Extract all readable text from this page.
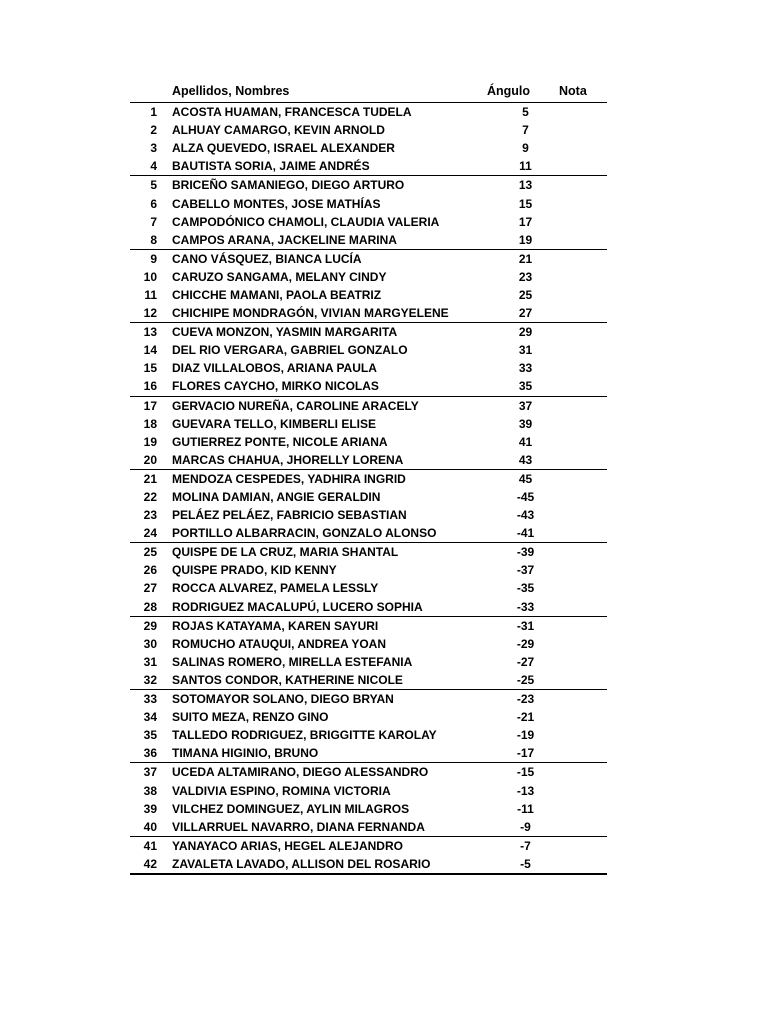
Apellidos, Nombres	Ángulo Nota
1	ACOSTA HUAMAN, FRANCESCA TUDELA	5	
2	ALHUAY CAMARGO, KEVIN ARNOLD	7	
3	ALZA QUEVEDO, ISRAEL ALEXANDER	9	
4	BAUTISTA SORIA, JAIME ANDRÉS	11	
5	BRICEÑO SAMANIEGO, DIEGO ARTURO	13	
6	CABELLO MONTES, JOSE MATHÍAS	15	
7	CAMPODÓNICO CHAMOLI, CLAUDIA VALERIA	17	
8	CAMPOS ARANA, JACKELINE MARINA	19	
9	CANO VÁSQUEZ, BIANCA LUCÍA	21	
10	CARUZO SANGAMA, MELANY CINDY	23	
11	CHICCHE MAMANI, PAOLA BEATRIZ	25	
12	CHICHIPE MONDRAGÓN, VIVIAN MARGYELENE	27	
13	CUEVA MONZON, YASMIN MARGARITA	29	
14	DEL RIO VERGARA, GABRIEL GONZALO	31	
15	DIAZ VILLALOBOS, ARIANA PAULA	33	
16	FLORES CAYCHO, MIRKO NICOLAS	35	
17	GERVACIO NUREÑA, CAROLINE ARACELY	37	
18	GUEVARA TELLO, KIMBERLI ELISE	39	
19	GUTIERREZ PONTE, NICOLE ARIANA	41	
20	MARCAS CHAHUA, JHORELLY LORENA	43	
21	MENDOZA CESPEDES, YADHIRA INGRID	45	
22	MOLINA DAMIAN, ANGIE GERALDIN	-45	
23	PELÁEZ PELÁEZ, FABRICIO SEBASTIAN	-43	
24	PORTILLO ALBARRACIN, GONZALO ALONSO	-41	
25	QUISPE DE LA CRUZ, MARIA SHANTAL	-39	
26	QUISPE PRADO, KID KENNY	-37	
27	ROCCA ALVAREZ, PAMELA LESSLY	-35	
28	RODRIGUEZ MACALUPÚ, LUCERO SOPHIA	-33	
29	ROJAS KATAYAMA, KAREN SAYURI	-31	
30	ROMUCHO ATAUQUI, ANDREA YOAN	-29	
31	SALINAS ROMERO, MIRELLA ESTEFANIA	-27	
32	SANTOS CONDOR, KATHERINE NICOLE	-25	
33	SOTOMAYOR SOLANO, DIEGO BRYAN	-23	
34	SUITO MEZA, RENZO GINO	-21	
35	TALLEDO RODRIGUEZ, BRIGGITTE KAROLAY	-19	
36	TIMANA HIGINIO, BRUNO	-17	
37	UCEDA ALTAMIRANO, DIEGO ALESSANDRO	-15	
38	VALDIVIA ESPINO, ROMINA VICTORIA	-13	
39	VILCHEZ DOMINGUEZ, AYLIN MILAGROS	-11	
40	VILLARRUEL NAVARRO, DIANA FERNANDA	-9	
41	YANAYACO ARIAS, HEGEL ALEJANDRO	-7	
42	ZAVALETA LAVADO, ALLISON DEL ROSARIO	-5	
